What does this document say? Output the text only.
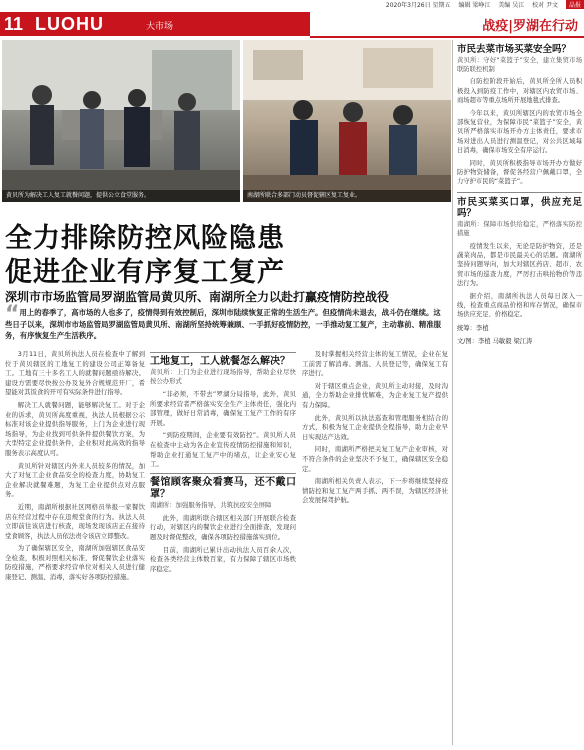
2020年3月26日 星期五 编辑 梁峥江 美编 吴江 校对 尹文 晶报
11 LUOHU	大市场	战疫|罗湖在行动
黄贝所为解决工人复工就餐问题，提供公立食堂服务。	南湖所联合多部门动员督促辖区复工复业。
全力排除防控风险隐患
促进企业有序复工复产
深圳市市场监管局罗湖监管局黄贝所、南湖所全力以赴打赢疫情防控战役
“用上的春季了，高市场的人也多了，疫情得到有效控制后，深圳市陆续恢复正常的生活生产。但疫情尚未退去，战斗仍在继续。这些日子以来，深圳市市场监管局罗湖监管局黄贝所、南湖所坚持统筹兼顾、一手抓好疫情防控，一手推动复工复产，主动靠前、精准服务，有序恢复生产生活秩序。

3月11日，黄贝所执法人员在检查中了解到位于黄贝辖区的工地复工的建设公司正筹备复工。工地有三十多名工人的就餐问题亟待解决。建设方需要尽快按公办及复外合规规范开厂，希望能对其饭食的开可有实际条件进行指导。

解决工人就餐问题，能够解决复工。对于企业的诉求，黄贝所高度重视，执法人员根据公示标准对该企业提供指导服务，上门为企业进行现场指导，为企业找到可供条件提供餐饮方案，为大型特定企业提供条件，企业积对此高效的指导服务表示高度认可。

黄贝所针对辖区内外来人员较多的情况，加大了对复工企业食品安全的检查力度，协助复工企业解决就餐难题，为复工企业提供点对点服务。

近期，南湖所根据社区网格员举报一家餐饮店在经营过程中存在违规堂食的行为。执法人员立即前往该店进行核查，现场发现该店正在接待堂食顾客，执法人员依法责令该店立即整改。

为了确保辖区安全，南湖所加强辖区食品安全检查，积极对照相关标准，督促餐饮企业落实防疫措施，严格要求经营单位对相关人员进行健康登记、测温、消毒，落实好各项防控措施。

工地复工，工人就餐怎么解决？
黄贝所：上门为企业进行现场指导，帮助企业尽快按公办形式

“非必须，不带去”罗湖分局指导，此外，黄贝所要求经营者严格落实安全生产主体责任，强化内部管理，做好日常消毒，确保复工复产工作的有序开展。

“到防疫期间，企业要有效防控”。黄贝所人员在检查中主动为各企业宣传疫情防控措施和知识，帮助企业打通复工复产中的堵点，让企业安心复工。

餐馆顾客聚众看赛马，还不戴口罩？
南湖所：加强服务指导，共筑抗疫安全屏障

此外，南湖所联合辖区相关部门开展联合检查行动，对辖区内的餐饮企业进行全面排查，发现问题及时督促整改，确保各项防控措施落实到位。

目前，南湖所已累计出动执法人员百余人次，检查各类经营主体数百家，有力保障了辖区市场秩序稳定。

及时掌握相关经营主体的复工情况，企业在复工前需了解消毒、测温、人员登记等，确保复工有序进行。

对于辖区重点企业，黄贝所主动对接，及时沟通，全力帮助企业排忧解难，为企业复工复产提供有力保障。

此外，黄贝所以执法巡查和管理服务相结合的方式，积极为复工企业提供全程指导，助力企业早日实现达产达效。

同时，南湖所严格把关复工复产企业审核，对不符合条件的企业坚决不予复工，确保辖区安全稳定。

南湖所相关负责人表示，下一步将继续坚持疫情防控和复工复产两手抓、两不误，为辖区经济社会发展保驾护航。

市民去菜市场买菜安全吗？
黄贝所：守好“菜篮子”安全，建立集贸市场联防联控机制

自防控阶段开始后，黄贝所全所人员积极投入到防疫工作中，对辖区内农贸市场、商场超市等重点场所开展地毯式排查。

今年以来，黄贝所辖区内的农贸市场全部恢复营业，为保障市民“菜篮子”安全，黄贝所严格落实市场开办方主体责任，要求市场对进出人员进行测温登记，对公共区域每日消毒，确保市场安全有序运行。

同时，黄贝所积极指导市场开办方做好防护物资储备，督促各经营户佩戴口罩，全力守护市民的“菜篮子”。

市民买菜买口罩，供应充足吗？
南湖所：保障市场供给稳定，严格落实防控措施

疫情发生以来，无论是防护物资，还是蔬菜肉品，都是市民最关心的话题。南湖所坚持问题导向，加大对辖区药店、超市、农贸市场的巡查力度，严厉打击哄抬物价等违法行为。

据介绍，南湖所执法人员每日深入一线，检查重点商品价格和库存情况，确保市场供应充足、价格稳定。

统筹：李植
文/图：李植 马敏毅 梁江涛
